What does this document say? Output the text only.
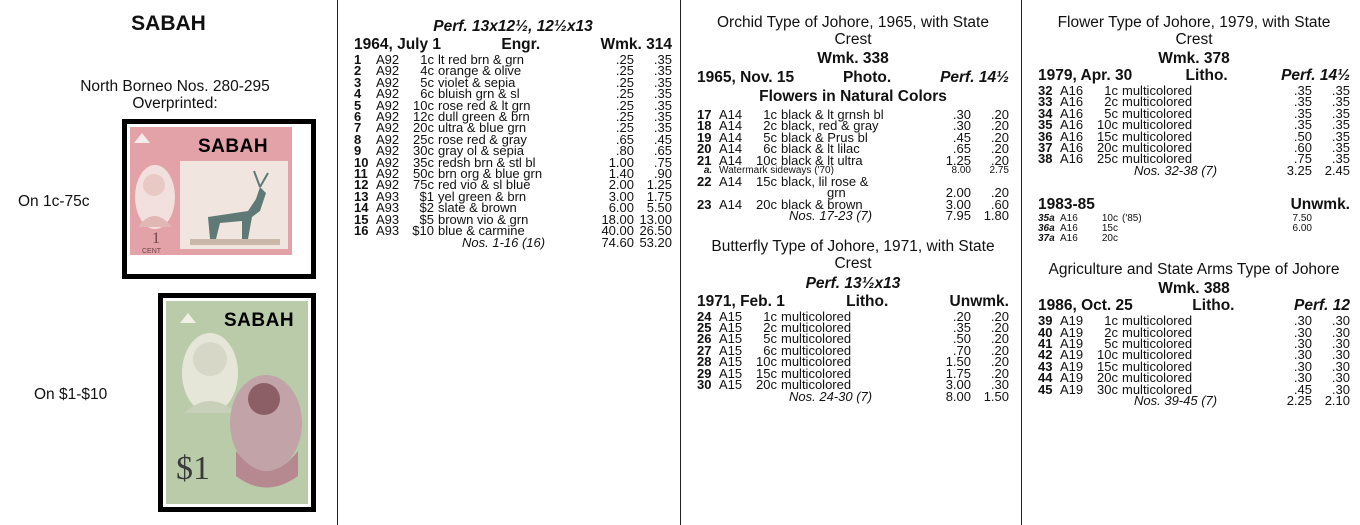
SABAH
North Borneo Nos. 280-295
Overprinted:
On 1c-75c
On $1-$10
1
CENT
SABAH
$1
SABAH
Perf. 13x12½, 12½x13
1964, July 1	Engr.	Wmk. 314
1	A92	1c	lt red brn & grn	.25	.35
2	A92	4c	orange & olive	.25	.35
3	A92	5c	violet & sepia	.25	.35
4	A92	6c	bluish grn & sl	.25	.35
5	A92	10c	rose red & lt grn	.25	.35
6	A92	12c	dull green & brn	.25	.35
7	A92	20c	ultra & blue grn	.25	.35
8	A92	25c	rose red & gray	.65	.45
9	A92	30c	gray ol & sepia	.80	.65
10	A92	35c	redsh brn & stl bl	1.00	.75
11	A92	50c	brn org & blue grn	1.40	.90
12	A92	75c	red vio & sl blue	2.00	1.25
13	A93	$1	yel green & brn	3.00	1.75
14	A93	$2	slate & brown	6.00	5.50
15	A93	$5	brown vio & grn	18.00	13.00
16	A93	$10	blue & carmine	40.00	26.50
			Nos. 1-16 (16)	74.60	53.20
Orchid Type of Johore, 1965, with State Crest
Wmk. 338
1965, Nov. 15	Photo.	Perf. 14½
Flowers in Natural Colors
17	A14	1c	black & lt grnsh bl	.30	.20
18	A14	2c	black, red & gray	.30	.20
19	A14	5c	black & Prus bl	.45	.20
20	A14	6c	black & lt lilac	.65	.20
21	A14	10c	black & lt ultra	1.25	.20
a.	Watermark sideways ('70)			8.00	2.75
22	A14	15c	black, lil rose &		
			grn	2.00	.20
23	A14	20c	black & brown	3.00	.60
			Nos. 17-23 (7)	7.95	1.80
Butterfly Type of Johore, 1971, with State Crest
Perf. 13½x13
1971, Feb. 1	Litho.	Unwmk.
24	A15	1c	multicolored	.20	.20
25	A15	2c	multicolored	.35	.20
26	A15	5c	multicolored	.50	.20
27	A15	6c	multicolored	.70	.20
28	A15	10c	multicolored	1.50	.20
29	A15	15c	multicolored	1.75	.20
30	A15	20c	multicolored	3.00	.30
			Nos. 24-30 (7)	8.00	1.50
Flower Type of Johore, 1979, with State Crest
Wmk. 378
1979, Apr. 30	Litho.	Perf. 14½
32	A16	1c	multicolored	.35	.35
33	A16	2c	multicolored	.35	.35
34	A16	5c	multicolored	.35	.35
35	A16	10c	multicolored	.35	.35
36	A16	15c	multicolored	.50	.35
37	A16	20c	multicolored	.60	.35
38	A16	25c	multicolored	.75	.35
			Nos. 32-38 (7)	3.25	2.45
1983-85	Unwmk.
35a	A16	10c	('85)	7.50	
36a	A16	15c		6.00	
37a	A16	20c			
Agriculture and State Arms Type of Johore
Wmk. 388
1986, Oct. 25	Litho.	Perf. 12
39	A19	1c	multicolored	.30	.30
40	A19	2c	multicolored	.30	.30
41	A19	5c	multicolored	.30	.30
42	A19	10c	multicolored	.30	.30
43	A19	15c	multicolored	.30	.30
44	A19	20c	multicolored	.30	.30
45	A19	30c	multicolored	.45	.30
			Nos. 39-45 (7)	2.25	2.10
